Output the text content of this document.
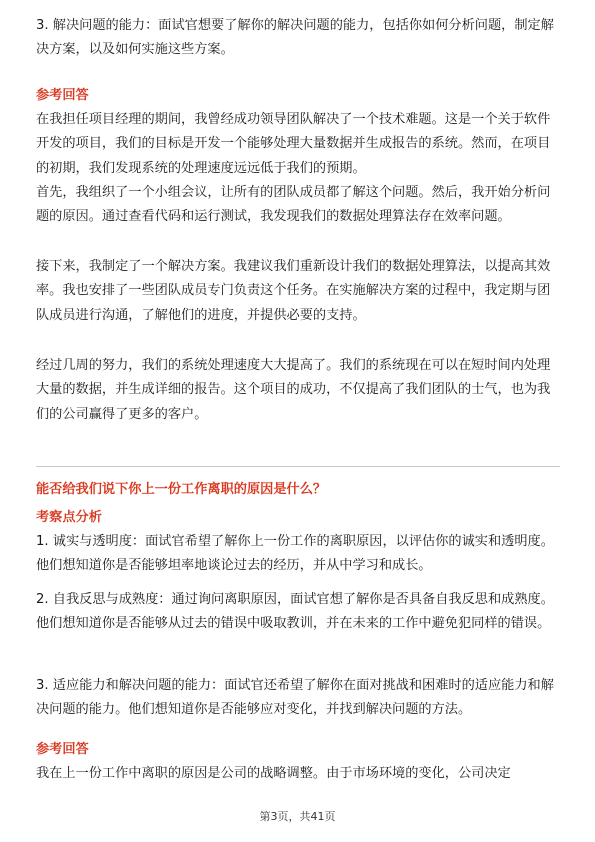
3. 解决问题的能力：面试官想要了解你的解决问题的能力，包括你如何分析问题，制定解决方案，以及如何实施这些方案。

参考回答

在我担任项目经理的期间，我曾经成功领导团队解决了一个技术难题。这是一个关于软件开发的项目，我们的目标是开发一个能够处理大量数据并生成报告的系统。然而，在项目的初期，我们发现系统的处理速度远远低于我们的预期。

首先，我组织了一个小组会议，让所有的团队成员都了解这个问题。然后，我开始分析问题的原因。通过查看代码和运行测试，我发现我们的数据处理算法存在效率问题。

接下来，我制定了一个解决方案。我建议我们重新设计我们的数据处理算法，以提高其效率。我也安排了一些团队成员专门负责这个任务。在实施解决方案的过程中，我定期与团队成员进行沟通，了解他们的进度，并提供必要的支持。

经过几周的努力，我们的系统处理速度大大提高了。我们的系统现在可以在短时间内处理大量的数据，并生成详细的报告。这个项目的成功，不仅提高了我们团队的士气，也为我们的公司赢得了更多的客户。

能否给我们说下你上一份工作离职的原因是什么？
考察点分析

1. 诚实与透明度：面试官希望了解你上一份工作的离职原因，以评估你的诚实和透明度。他们想知道你是否能够坦率地谈论过去的经历，并从中学习和成长。

2. 自我反思与成熟度：通过询问离职原因，面试官想了解你是否具备自我反思和成熟度。他们想知道你是否能够从过去的错误中吸取教训，并在未来的工作中避免犯同样的错误。

3. 适应能力和解决问题的能力：面试官还希望了解你在面对挑战和困难时的适应能力和解决问题的能力。他们想知道你是否能够应对变化，并找到解决问题的方法。

参考回答

我在上一份工作中离职的原因是公司的战略调整。由于市场环境的变化，公司决定

第3页，共41页
